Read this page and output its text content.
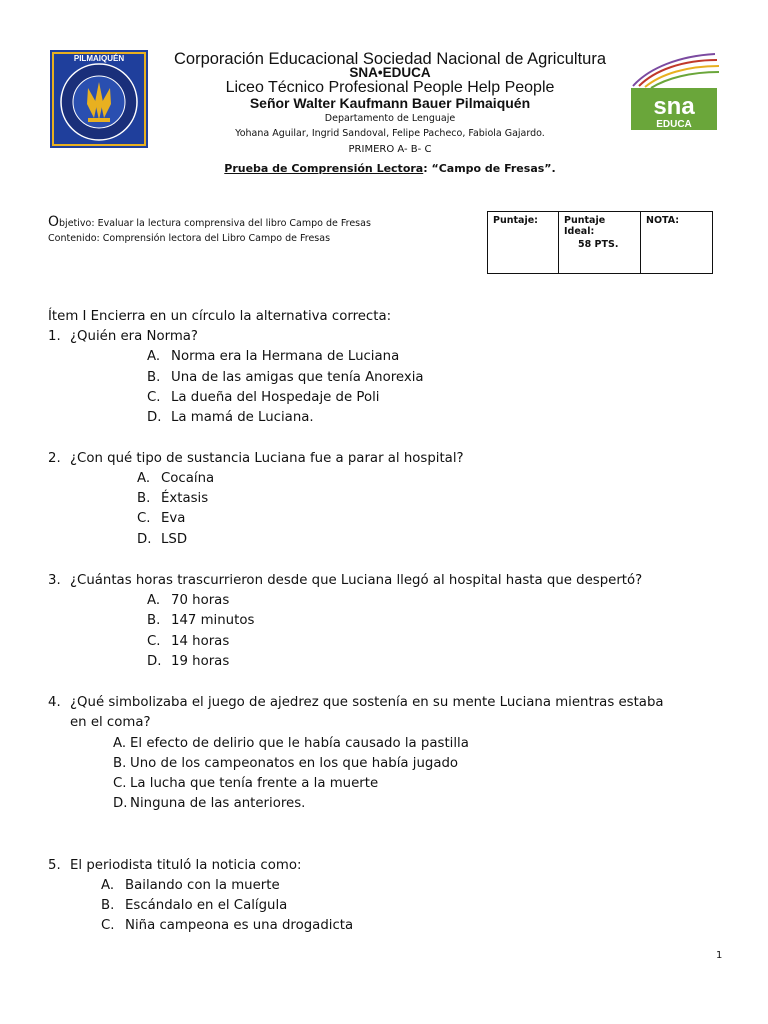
PILMAIQUÉN
sna
EDUCA
Corporación Educacional Sociedad Nacional de Agricultura
SNA•EDUCA
Liceo Técnico Profesional People Help People
Señor Walter Kaufmann Bauer Pilmaiquén
Departamento de Lenguaje
Yohana Aguilar, Ingrid Sandoval, Felipe Pacheco, Fabiola Gajardo.
PRIMERO A- B- C
Prueba de Comprensión Lectora: “Campo de Fresas”.
Objetivo: Evaluar la lectura comprensiva del libro Campo de Fresas
Contenido: Comprensión lectora del Libro Campo de Fresas
Puntaje:	Puntaje
Ideal:
58 PTS.
NOTA:
Ítem I Encierra en un círculo la alternativa correcta:
1. ¿Quién era Norma?
A. Norma era la Hermana de Luciana
B. Una de las amigas que tenía Anorexia
C. La dueña del Hospedaje de Poli
D. La mamá de Luciana.
2. ¿Con qué tipo de sustancia Luciana fue a parar al hospital?
A. Cocaína
B. Éxtasis
C. Eva
D. LSD
3. ¿Cuántas horas trascurrieron desde que Luciana llegó al hospital hasta que despertó?
A. 70 horas
B. 147 minutos
C. 14 horas
D. 19 horas
4. ¿Qué simbolizaba el juego de ajedrez que sostenía en su mente Luciana mientras estaba
en el coma?
A. El efecto de delirio que le había causado la pastilla
B. Uno de los campeonatos en los que había jugado
C. La lucha que tenía frente a la muerte
D. Ninguna de las anteriores.
5. El periodista tituló la noticia como:
A. Bailando con la muerte
B. Escándalo en el Calígula
C. Niña campeona es una drogadicta
1
